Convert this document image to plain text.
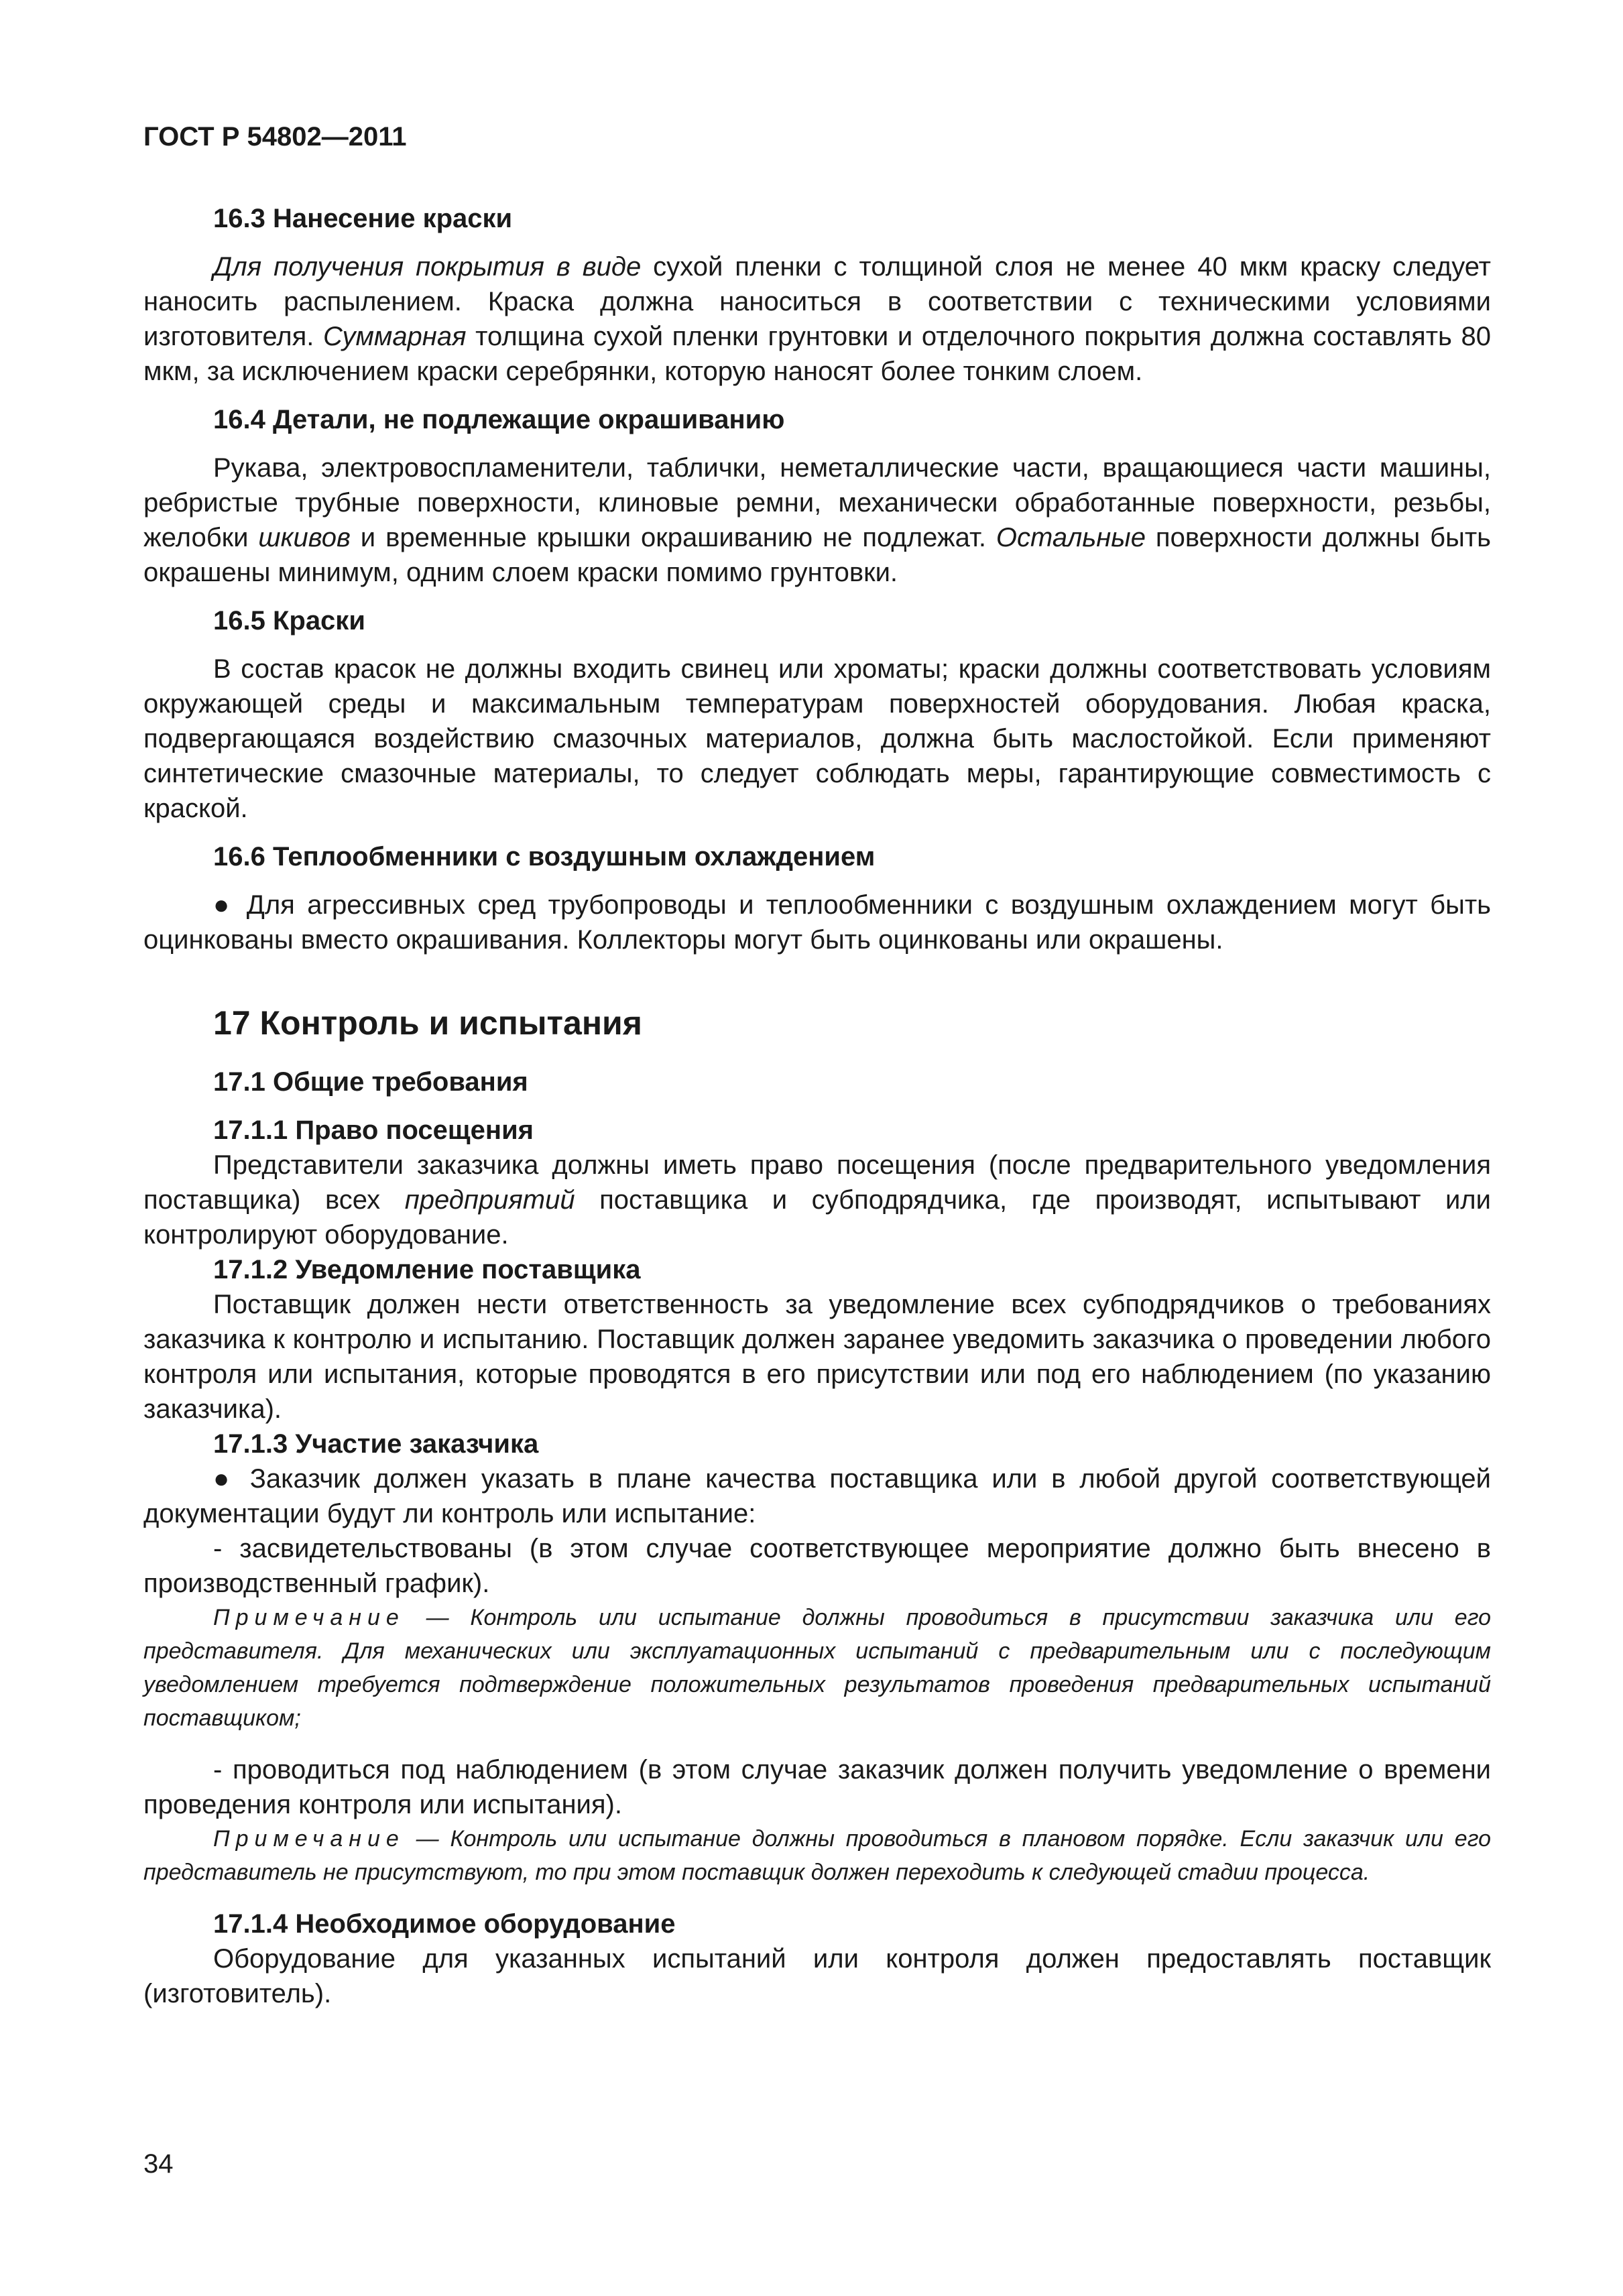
ГОСТ Р 54802—2011
16.3 Нанесение краски

Для получения покрытия в виде сухой пленки с толщиной слоя не менее 40 мкм краску следует наносить распылением. Краска должна наноситься в соответствии с техническими условиями изготовителя. Суммарная толщина сухой пленки грунтовки и отделочного покрытия должна составлять 80 мкм, за исключением краски серебрянки, которую наносят более тонким слоем.

16.4 Детали, не подлежащие окрашиванию

Рукава, электровоспламенители, таблички, неметаллические части, вращающиеся части машины, ребристые трубные поверхности, клиновые ремни, механически обработанные поверхности, резьбы, желобки шкивов и временные крышки окрашиванию не подлежат. Остальные поверхности должны быть окрашены минимум, одним слоем краски помимо грунтовки.

16.5 Краски

В состав красок не должны входить свинец или хроматы; краски должны соответствовать условиям окружающей среды и максимальным температурам поверхностей оборудования. Любая краска, подвергающаяся воздействию смазочных материалов, должна быть маслостойкой. Если применяют синтетические смазочные материалы, то следует соблюдать меры, гарантирующие совместимость с краской.

16.6 Теплообменники с воздушным охлаждением

● Для агрессивных сред трубопроводы и теплообменники с воздушным охлаждением могут быть оцинкованы вместо окрашивания. Коллекторы могут быть оцинкованы или окрашены.

17 Контроль и испытания
17.1 Общие требования
17.1.1 Право посещения

Представители заказчика должны иметь право посещения (после предварительного уведомления поставщика) всех предприятий поставщика и субподрядчика, где производят, испытывают или контролируют оборудование.

17.1.2 Уведомление поставщика

Поставщик должен нести ответственность за уведомление всех субподрядчиков о требованиях заказчика к контролю и испытанию. Поставщик должен заранее уведомить заказчика о проведении любого контроля или испытания, которые проводятся в его присутствии или под его наблюдением (по указанию заказчика).

17.1.3 Участие заказчика

● Заказчик должен указать в плане качества поставщика или в любой другой соответствующей документации будут ли контроль или испытание:

- засвидетельствованы (в этом случае соответствующее мероприятие должно быть внесено в производственный график).

Примечание — Контроль или испытание должны проводиться в присутствии заказчика или его представителя. Для механических или эксплуатационных испытаний с предварительным или с последующим уведомлением требуется подтверждение положительных результатов проведения предварительных испытаний поставщиком;

- проводиться под наблюдением (в этом случае заказчик должен получить уведомление о времени проведения контроля или испытания).

Примечание — Контроль или испытание должны проводиться в плановом порядке. Если заказчик или его представитель не присутствуют, то при этом поставщик должен переходить к следующей стадии процесса.

17.1.4 Необходимое оборудование

Оборудование для указанных испытаний или контроля должен предоставлять поставщик (изготовитель).

34
